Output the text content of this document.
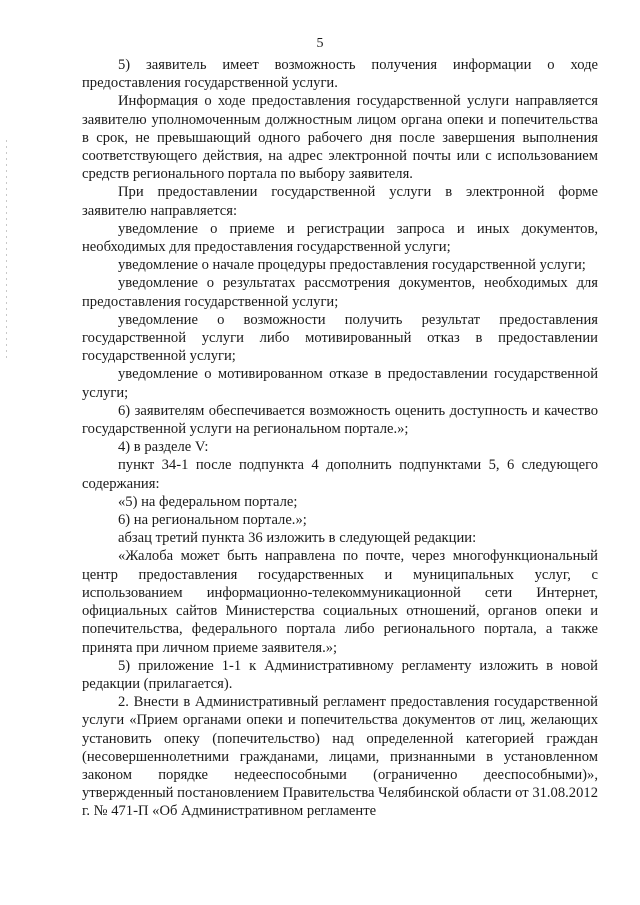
5

5) заявитель имеет возможность получения информации о ходе предоставления государственной услуги.

Информация о ходе предоставления государственной услуги направляется заявителю уполномоченным должностным лицом органа опеки и попечительства в срок, не превышающий одного рабочего дня после завершения выполнения соответствующего действия, на адрес электронной почты или с использованием средств регионального портала по выбору заявителя.

При предоставлении государственной услуги в электронной форме заявителю направляется:

уведомление о приеме и регистрации запроса и иных документов, необходимых для предоставления государственной услуги;

уведомление о начале процедуры предоставления государственной услуги;

уведомление о результатах рассмотрения документов, необходимых для предоставления государственной услуги;

уведомление о возможности получить результат предоставления государственной услуги либо мотивированный отказ в предоставлении государственной услуги;

уведомление о мотивированном отказе в предоставлении государственной услуги;

6) заявителям обеспечивается возможность оценить доступность и качество государственной услуги на региональном портале.»;

4) в разделе V:

пункт 34-1 после подпункта 4 дополнить подпунктами 5, 6 следующего содержания:

«5) на федеральном портале;

6) на региональном портале.»;

абзац третий пункта 36 изложить в следующей редакции:

«Жалоба может быть направлена по почте, через многофункциональный центр предоставления государственных и муниципальных услуг, с использованием информационно-телекоммуникационной сети Интернет, официальных сайтов Министерства социальных отношений, органов опеки и попечительства, федерального портала либо регионального портала, а также принята при личном приеме заявителя.»;

5) приложение 1-1 к Административному регламенту изложить в новой редакции (прилагается).

2. Внести в Административный регламент предоставления государственной услуги «Прием органами опеки и попечительства документов от лиц, желающих установить опеку (попечительство) над определенной категорией граждан (несовершеннолетними гражданами, лицами, признанными в установленном законом порядке недееспособными (ограниченно дееспособными)», утвержденный постановлением Правительства Челябинской области от 31.08.2012 г. № 471-П «Об Административном регламенте
